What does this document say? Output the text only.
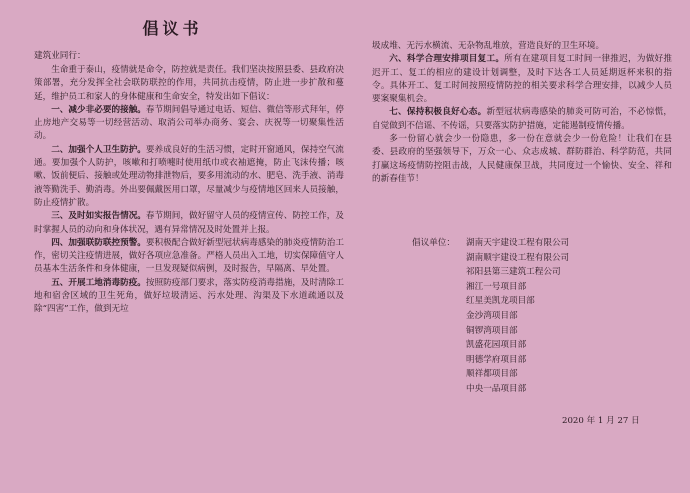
倡议书

建筑业同行：

生命重于泰山，疫情就是命令，防控就是责任。我们坚决按照县委、县政府决策部署，充分发挥全社会联防联控的作用，共同抗击疫情，防止进一步扩散和蔓延，维护员工和家人的身体健康和生命安全，特发出如下倡议：

一、减少非必要的接触。春节期间倡导通过电话、短信、微信等形式拜年，停止房地产交易等一切经营活动、取消公司举办商务、宴会、庆祝等一切聚集性活动。

二、加强个人卫生防护。要养成良好的生活习惯，定时开窗通风，保持空气流通。要加强个人防护，咳嗽和打喷嚏时使用纸巾或衣袖遮掩，防止飞沫传播；咳嗽、饭前便后、接触或处理动物排泄物后，要多用流动的水、肥皂、洗手液、消毒液等勤洗手、勤消毒。外出要佩戴医用口罩，尽量减少与疫情地区回来人员接触，防止疫情扩散。

三、及时如实报告情况。春节期间，做好留守人员的疫情宣传、防控工作，及时掌握人员的动向和身体状况，遇有异常情况及时处置并上报。

四、加强联防联控预警。要积极配合做好新型冠状病毒感染的肺炎疫情防治工作，密切关注疫情进展，做好各项应急准备。严格人员出入工地，切实保障值守人员基本生活条件和身体健康，一旦发现疑似病例，及时报告，早隔离、早处置。

五、开展工地消毒防疫。按照防疫部门要求，落实防疫消毒措施，及时清除工地和宿舍区域的卫生死角，做好垃圾清运、污水处理、沟渠及下水道疏通以及除“四害”工作，做到无垃

圾成堆、无污水横流、无杂物乱堆放，营造良好的卫生环境。

六、科学合理安排项目复工。所有在建项目复工时间一律推迟，为做好推迟开工、复工的相应的建设计划调整，及时下达各工人员延期返杯来积的指令。具体开工、复工时间按照疫情防控的相关要求科学合理安排，以减少人员要案聚集机会。

七、保持积极良好心态。新型冠状病毒感染的肺炎可防可治，不必惊慌，自觉做到不信谣、不传谣，只要落实防护措施，定能遏制疫情传播。

多一份留心就会少一份隐患，多一份在意就会少一份危险！让我们在县委、县政府的坚强领导下，万众一心、众志成城、群防群治、科学防范，共同打赢这场疫情防控阻击战，人民健康保卫战，共同度过一个愉快、安全、祥和的新春佳节！

倡议单位：	湖南天宇建设工程有限公司
湖南顺宇建设工程有限公司
祁阳县第三建筑工程公司
湘江一号项目部
红星美凯龙项目部
金沙湾项目部
铜锣湾项目部
凯盛花园项目部
明德学府项目部
顺祥都项目部
中央一品项目部
2020 年 1 月 27 日
